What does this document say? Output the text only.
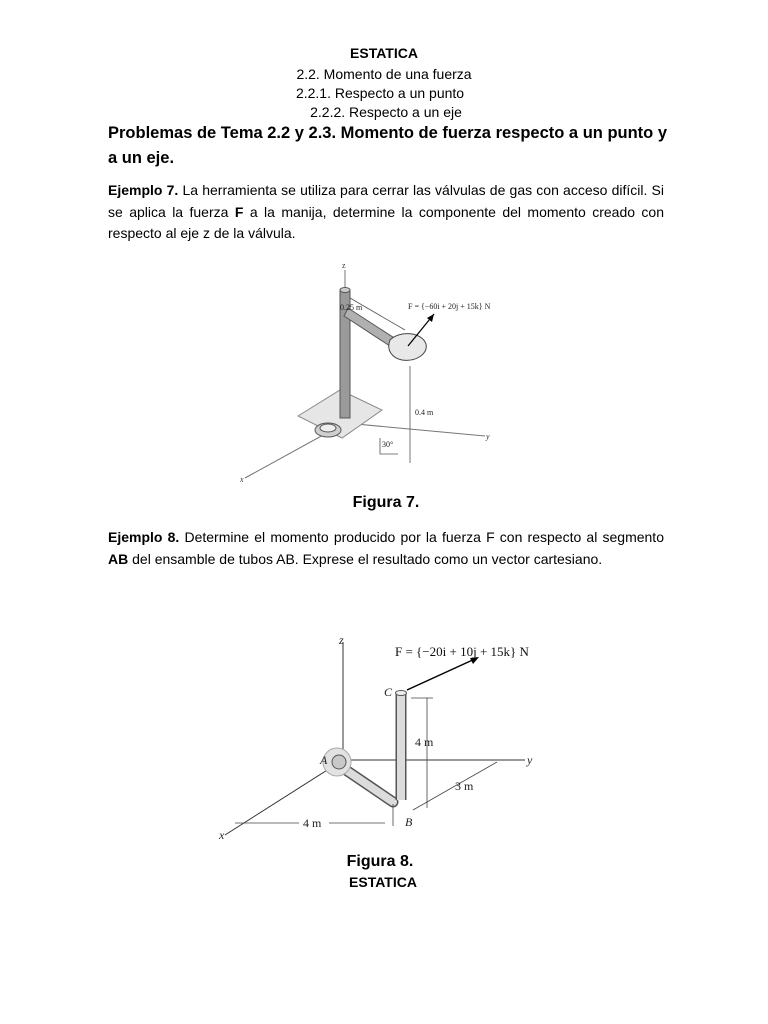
ESTATICA
2.2. Momento de una fuerza
2.2.1. Respecto a un punto
2.2.2. Respecto a un eje
Problemas de Tema 2.2 y 2.3. Momento de fuerza respecto a un punto y a un eje.
Ejemplo 7. La herramienta se utiliza para cerrar las válvulas de gas con acceso difícil. Si se aplica la fuerza F a la manija, determine la componente del momento creado con respecto al eje z de la válvula.
z
y
x
0.25 m	F = {−60i + 20j + 15k} N
0.4 m
30°
Figura 7.
Ejemplo 8. Determine el momento producido por la fuerza F con respecto al segmento AB del ensamble de tubos AB. Exprese el resultado como un vector cartesiano.
z
y
x
F = {−20i + 10j + 15k} N
C
A
B
4 m
3 m
4 m
Figura 8.
ESTATICA
